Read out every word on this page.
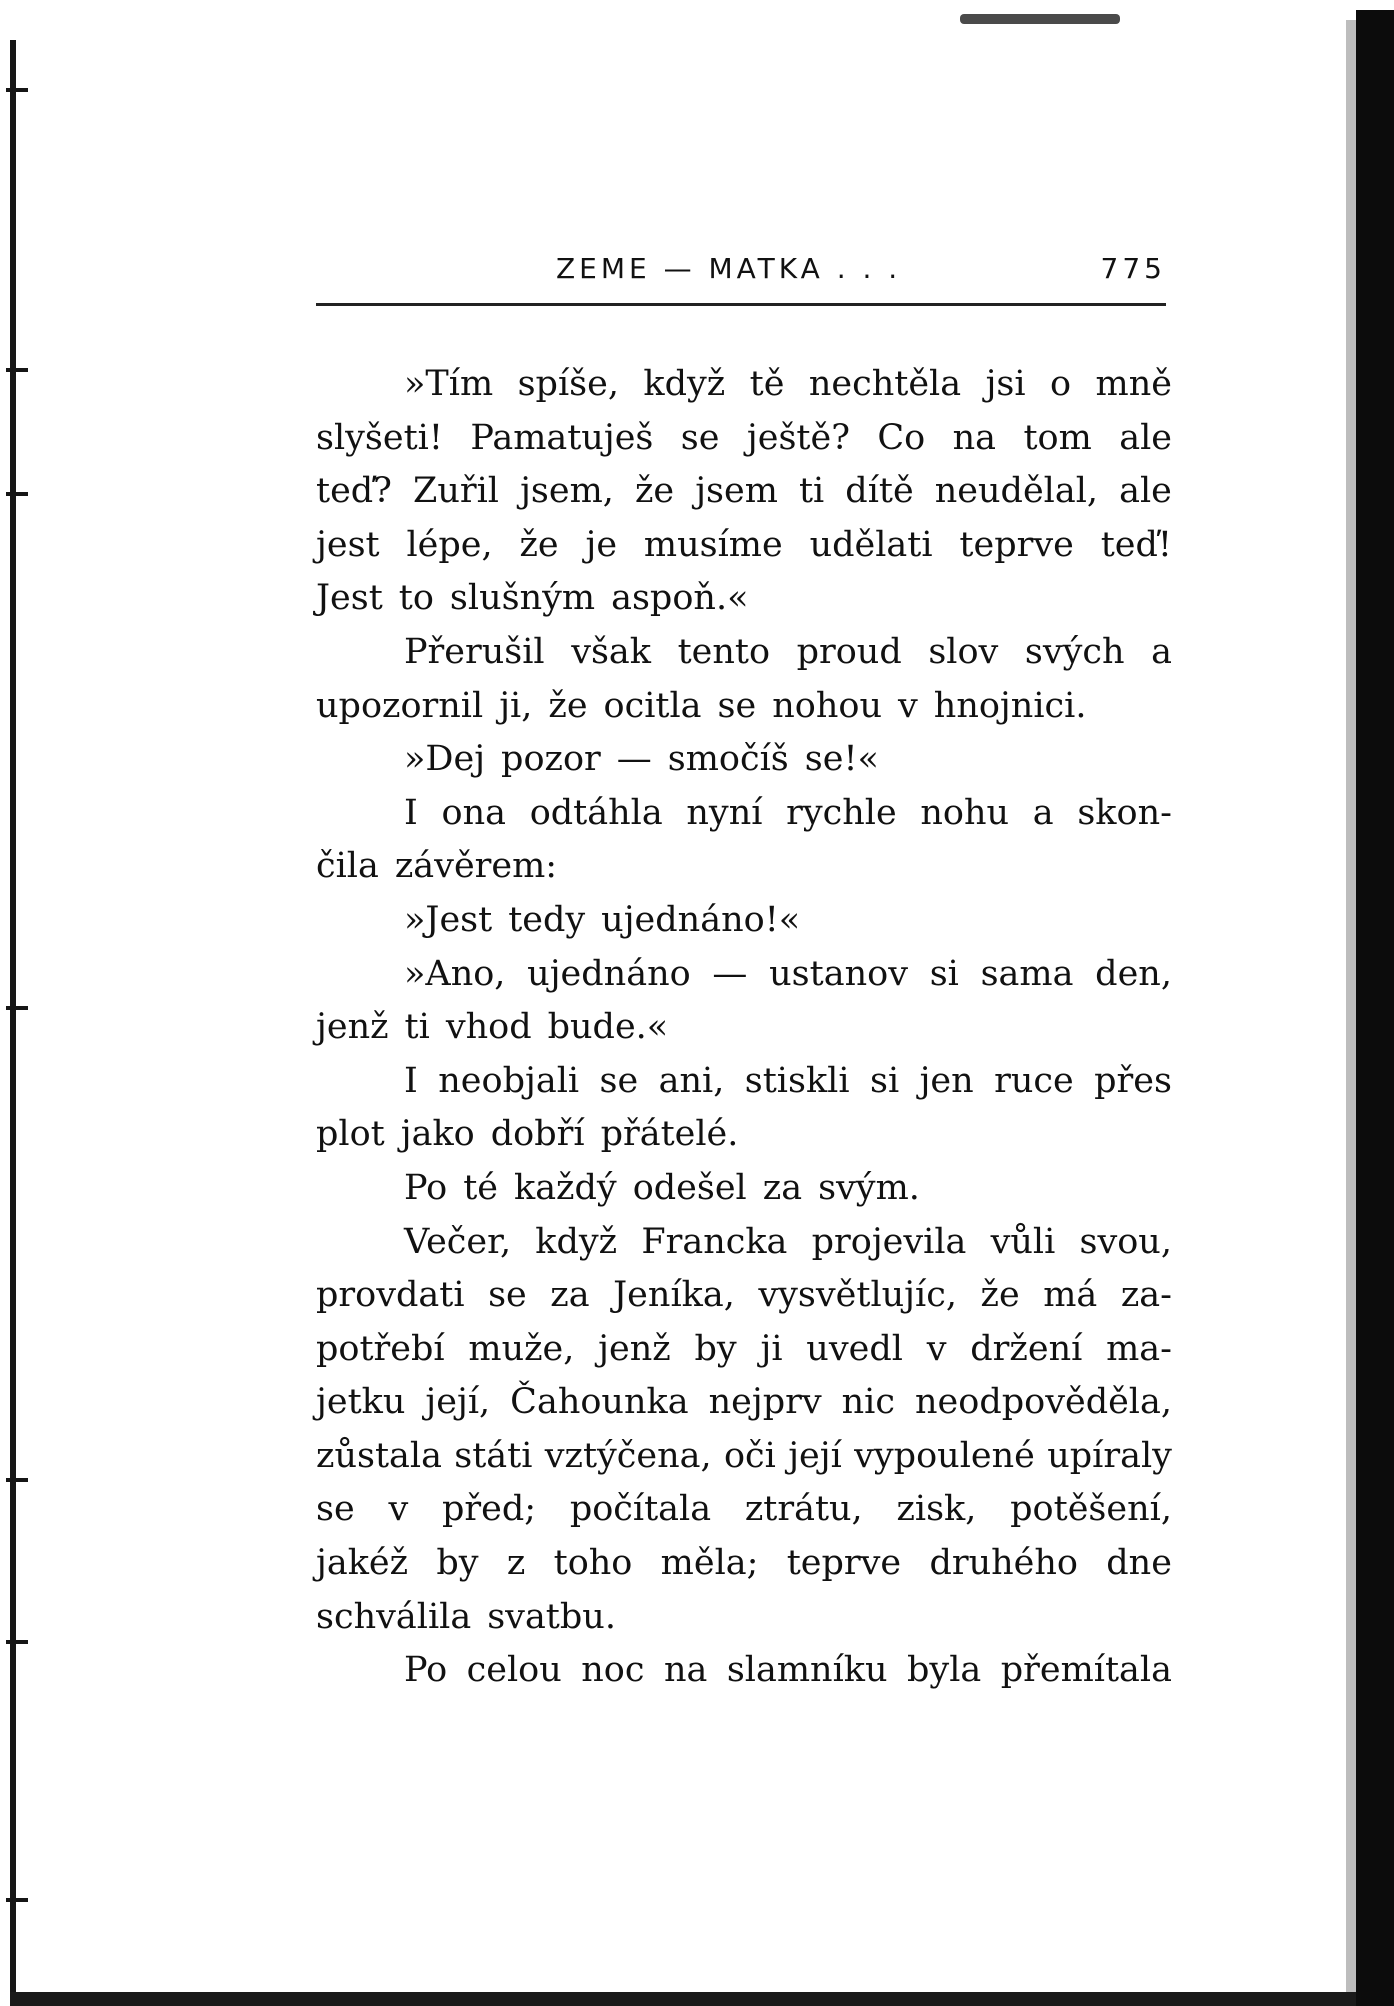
ZEME — MATKA . . .	775
»Tím spíše, když tě nechtěla jsi o mně
slyšeti! Pamatuješ se ještě? Co na tom ale
teď? Zuřil jsem, že jsem ti dítě neudělal, ale
jest lépe, že je musíme udělati teprve teď!
Jest to slušným aspoň.«
Přerušil však tento proud slov svých a
upozornil ji, že ocitla se nohou v hnojnici.
»Dej pozor — smočíš se!«
I ona odtáhla nyní rychle nohu a skon-
čila závěrem:
»Jest tedy ujednáno!«
»Ano, ujednáno — ustanov si sama den,
jenž ti vhod bude.«
I neobjali se ani, stiskli si jen ruce přes
plot jako dobří přátelé.
Po té každý odešel za svým.
Večer, když Francka projevila vůli svou,
provdati se za Jeníka, vysvětlujíc, že má za-
potřebí muže, jenž by ji uvedl v držení ma-
jetku její, Čahounka nejprv nic neodpověděla,
zůstala státi vztýčena, oči její vypoulené upíraly
se v před; počítala ztrátu, zisk, potěšení,
jakéž by z toho měla; teprve druhého dne
schválila svatbu.
Po celou noc na slamníku byla přemítala
